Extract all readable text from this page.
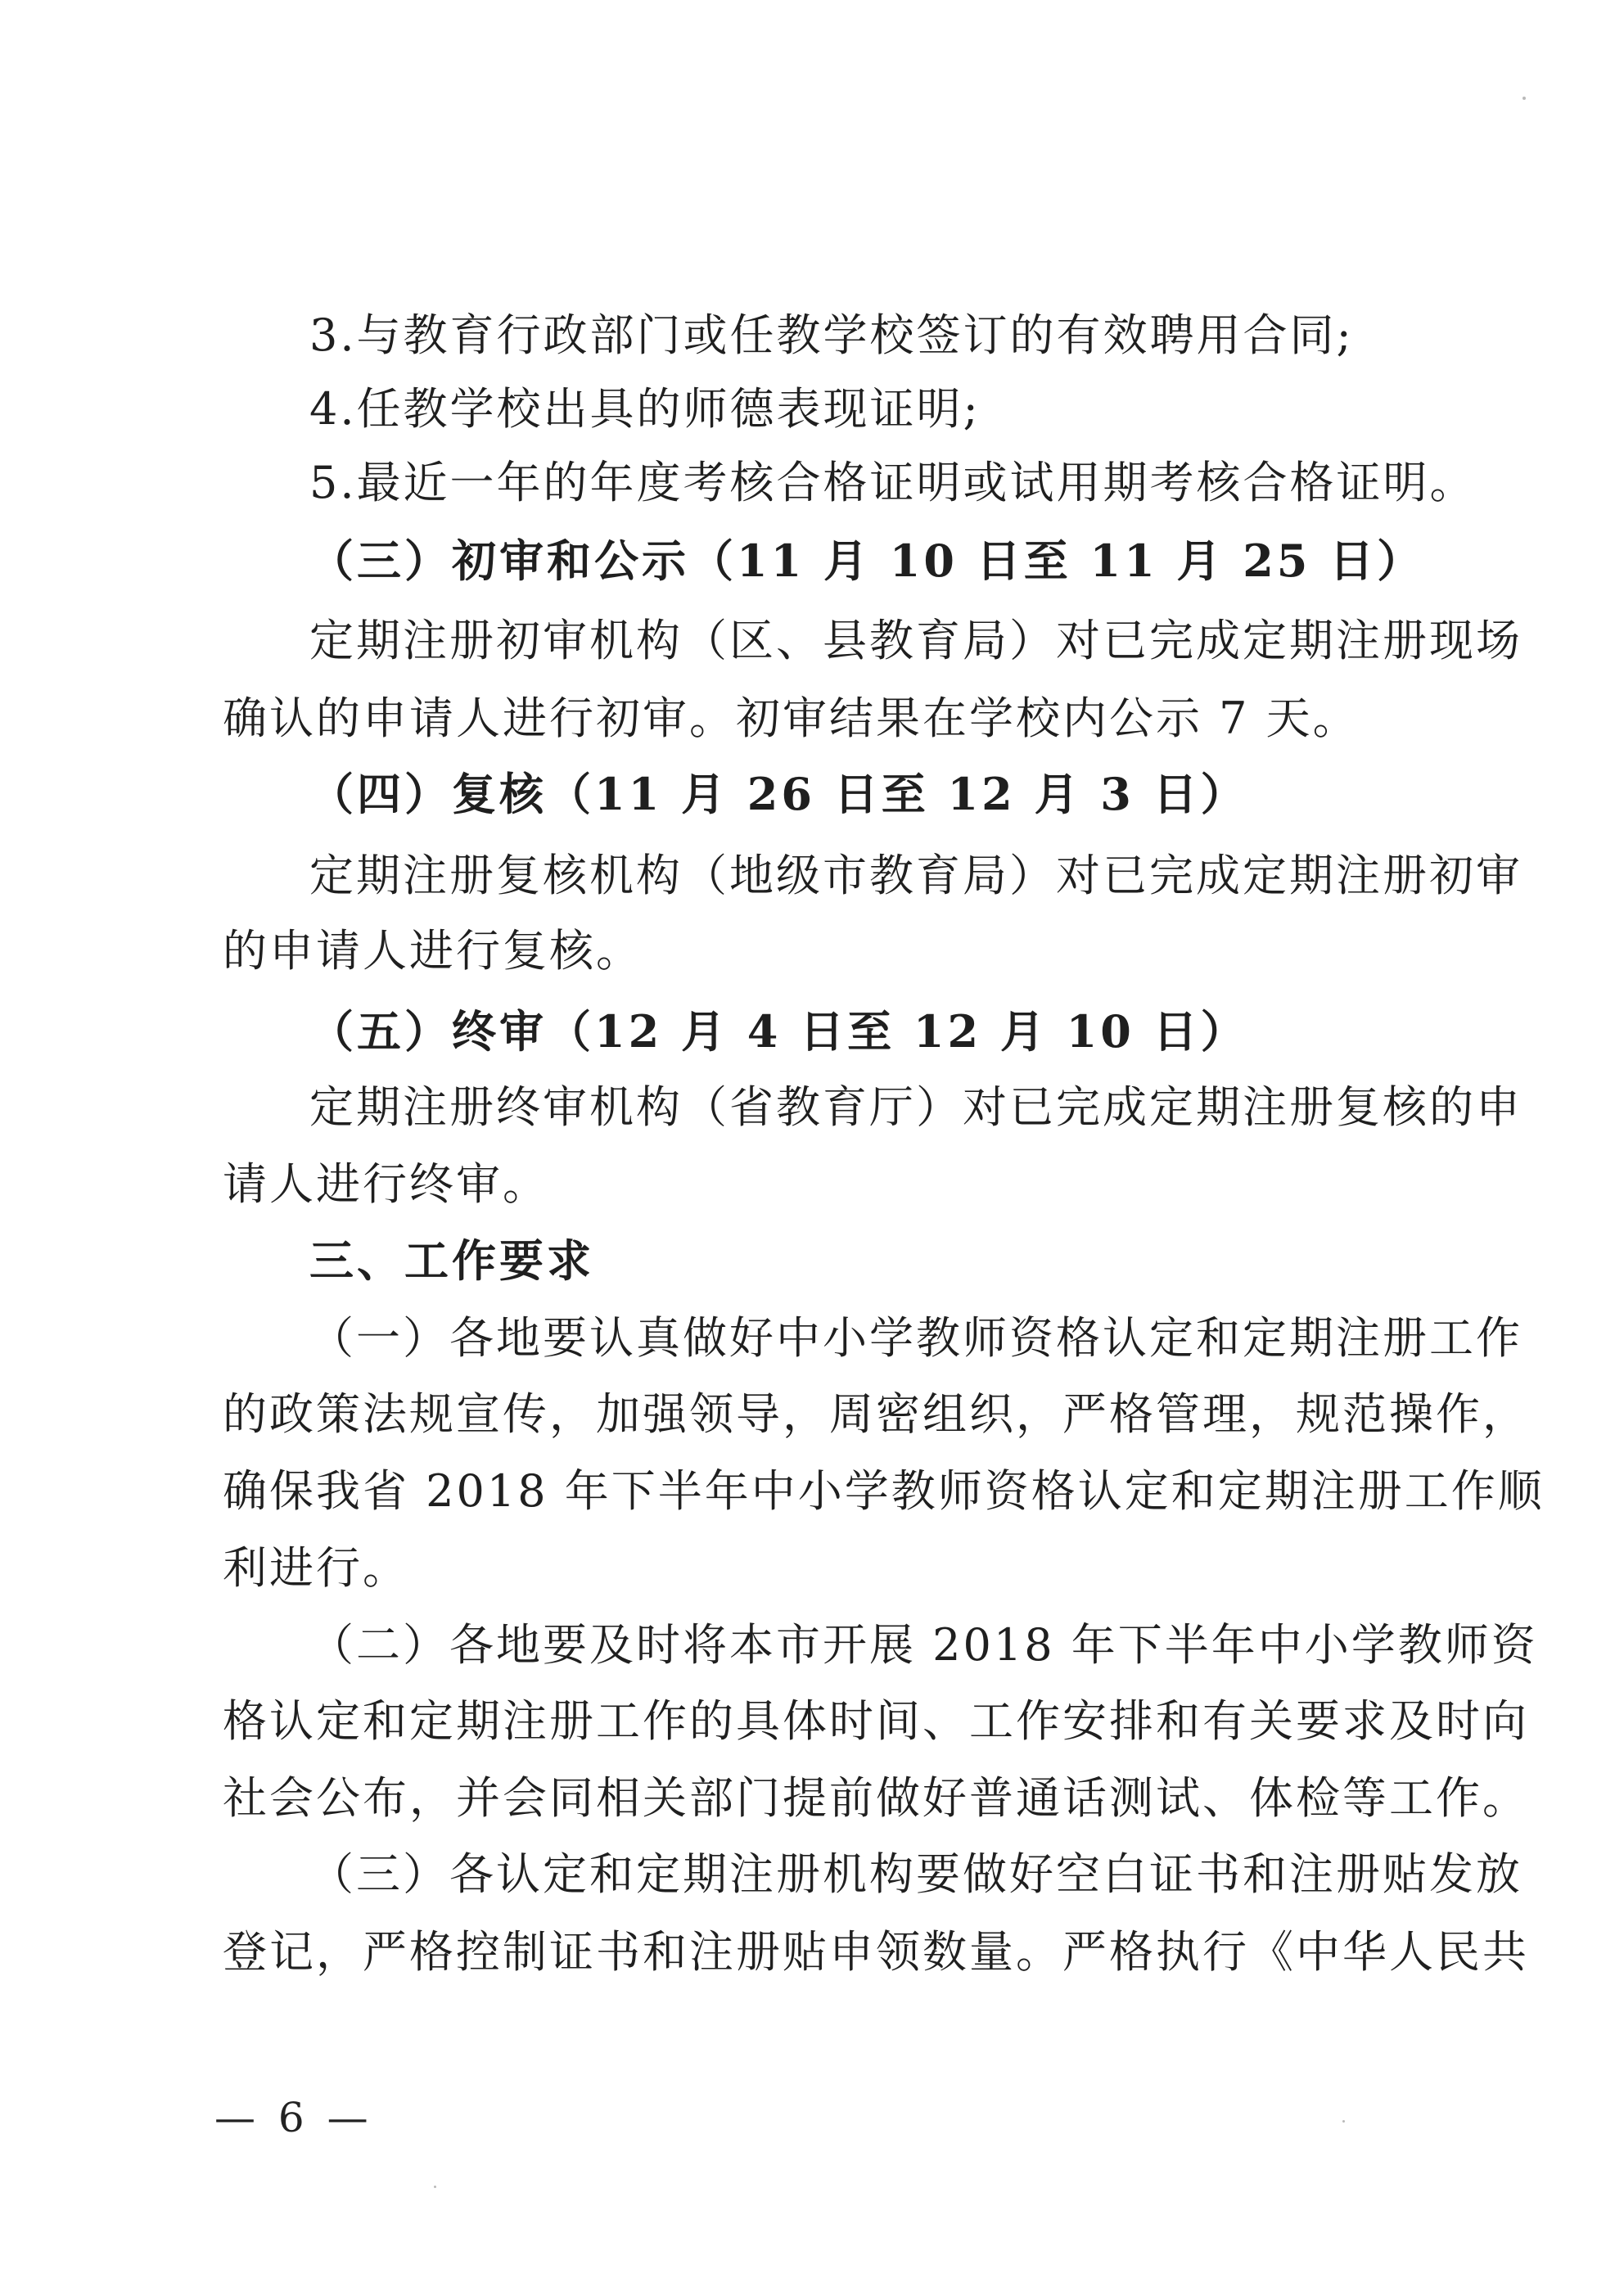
3.与教育行政部门或任教学校签订的有效聘用合同;
4.任教学校出具的师德表现证明;
5.最近一年的年度考核合格证明或试用期考核合格证明。
（三）初审和公示（11 月 10 日至 11 月 25 日）
定期注册初审机构（区、县教育局）对已完成定期注册现场
确认的申请人进行初审。初审结果在学校内公示 7 天。
（四）复核（11 月 26 日至 12 月 3 日）
定期注册复核机构（地级市教育局）对已完成定期注册初审
的申请人进行复核。
（五）终审（12 月 4 日至 12 月 10 日）
定期注册终审机构（省教育厅）对已完成定期注册复核的申
请人进行终审。
三、工作要求
（一）各地要认真做好中小学教师资格认定和定期注册工作
的政策法规宣传，加强领导，周密组织，严格管理，规范操作，
确保我省 2018 年下半年中小学教师资格认定和定期注册工作顺
利进行。
（二）各地要及时将本市开展 2018 年下半年中小学教师资
格认定和定期注册工作的具体时间、工作安排和有关要求及时向
社会公布，并会同相关部门提前做好普通话测试、体检等工作。
（三）各认定和定期注册机构要做好空白证书和注册贴发放
登记，严格控制证书和注册贴申领数量。严格执行《中华人民共
— 6 —
